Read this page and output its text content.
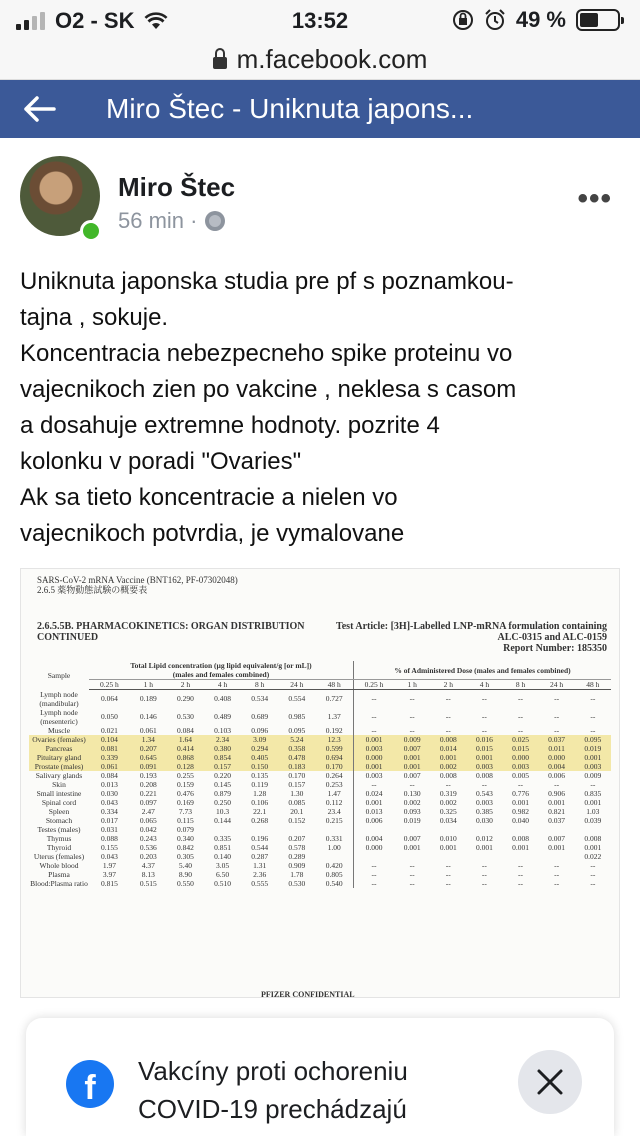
O2 - SK	13:52	49 %
m.facebook.com
Miro Štec - Uniknuta japons...
Miro Štec
56 min ·
•••

Uniknuta japonska studia pre pf s poznamkou-

tajna , sokuje.

Koncentracia nebezpecneho spike proteinu vo

vajecnikoch zien po vakcine , neklesa s casom

a dosahuje extremne hodnoty. pozrite 4

kolonku v poradi "Ovaries"

Ak sa tieto koncentracie a nielen vo

vajecnikoch potvrdia, je vymalovane

SARS-CoV-2 mRNA Vaccine (BNT162, PF-07302048)
2.6.5 薬物動態試験の概要表
2.6.5.5B. PHARMACOKINETICS: ORGAN DISTRIBUTION CONTINUED
Test Article: [3H]-Labelled LNP-mRNA formulation containing
ALC-0315 and ALC-0159
Report Number: 185350
Sample	Total Lipid concentration (µg lipid equivalent/g [or mL])
(males and females combined)							% of Administered Dose (males and females combined)						
	0.25 h	1 h	2 h	4 h	8 h	24 h	48 h	0.25 h	1 h	2 h	4 h	8 h	24 h	48 h
Lymph node (mandibular)	0.064	0.189	0.290	0.408	0.534	0.554	0.727	--	--	--	--	--	--	--
Lymph node (mesenteric)	0.050	0.146	0.530	0.489	0.689	0.985	1.37	--	--	--	--	--	--	--
Muscle	0.021	0.061	0.084	0.103	0.096	0.095	0.192	--	--	--	--	--	--	--
Ovaries (females)	0.104	1.34	1.64	2.34	3.09	5.24	12.3	0.001	0.009	0.008	0.016	0.025	0.037	0.095
Pancreas	0.081	0.207	0.414	0.380	0.294	0.358	0.599	0.003	0.007	0.014	0.015	0.015	0.011	0.019
Pituitary gland	0.339	0.645	0.868	0.854	0.405	0.478	0.694	0.000	0.001	0.001	0.001	0.000	0.000	0.001
Prostate (males)	0.061	0.091	0.128	0.157	0.150	0.183	0.170	0.001	0.001	0.002	0.003	0.003	0.004	0.003
Salivary glands	0.084	0.193	0.255	0.220	0.135	0.170	0.264	0.003	0.007	0.008	0.008	0.005	0.006	0.009
Skin	0.013	0.208	0.159	0.145	0.119	0.157	0.253	--	--	--	--	--	--	--
Small intestine	0.030	0.221	0.476	0.879	1.28	1.30	1.47	0.024	0.130	0.319	0.543	0.776	0.906	0.835
Spinal cord	0.043	0.097	0.169	0.250	0.106	0.085	0.112	0.001	0.002	0.002	0.003	0.001	0.001	0.001
Spleen	0.334	2.47	7.73	10.3	22.1	20.1	23.4	0.013	0.093	0.325	0.385	0.982	0.821	1.03
Stomach	0.017	0.065	0.115	0.144	0.268	0.152	0.215	0.006	0.019	0.034	0.030	0.040	0.037	0.039
Testes (males)	0.031	0.042	0.079											
Thymus	0.088	0.243	0.340	0.335	0.196	0.207	0.331	0.004	0.007	0.010	0.012	0.008	0.007	0.008
Thyroid	0.155	0.536	0.842	0.851	0.544	0.578	1.00	0.000	0.001	0.001	0.001	0.001	0.001	0.001
Uterus (females)	0.043	0.203	0.305	0.140	0.287	0.289								0.022
Whole blood	1.97	4.37	5.40	3.05	1.31	0.909	0.420	--	--	--	--	--	--	--
Plasma	3.97	8.13	8.90	6.50	2.36	1.78	0.805	--	--	--	--	--	--	--
Blood:Plasma ratio	0.815	0.515	0.550	0.510	0.555	0.530	0.540	--	--	--	--	--	--	--
PFIZER CONFIDENTIAL
f	Vakcíny proti ochoreniu
COVID-19 prechádzajú
